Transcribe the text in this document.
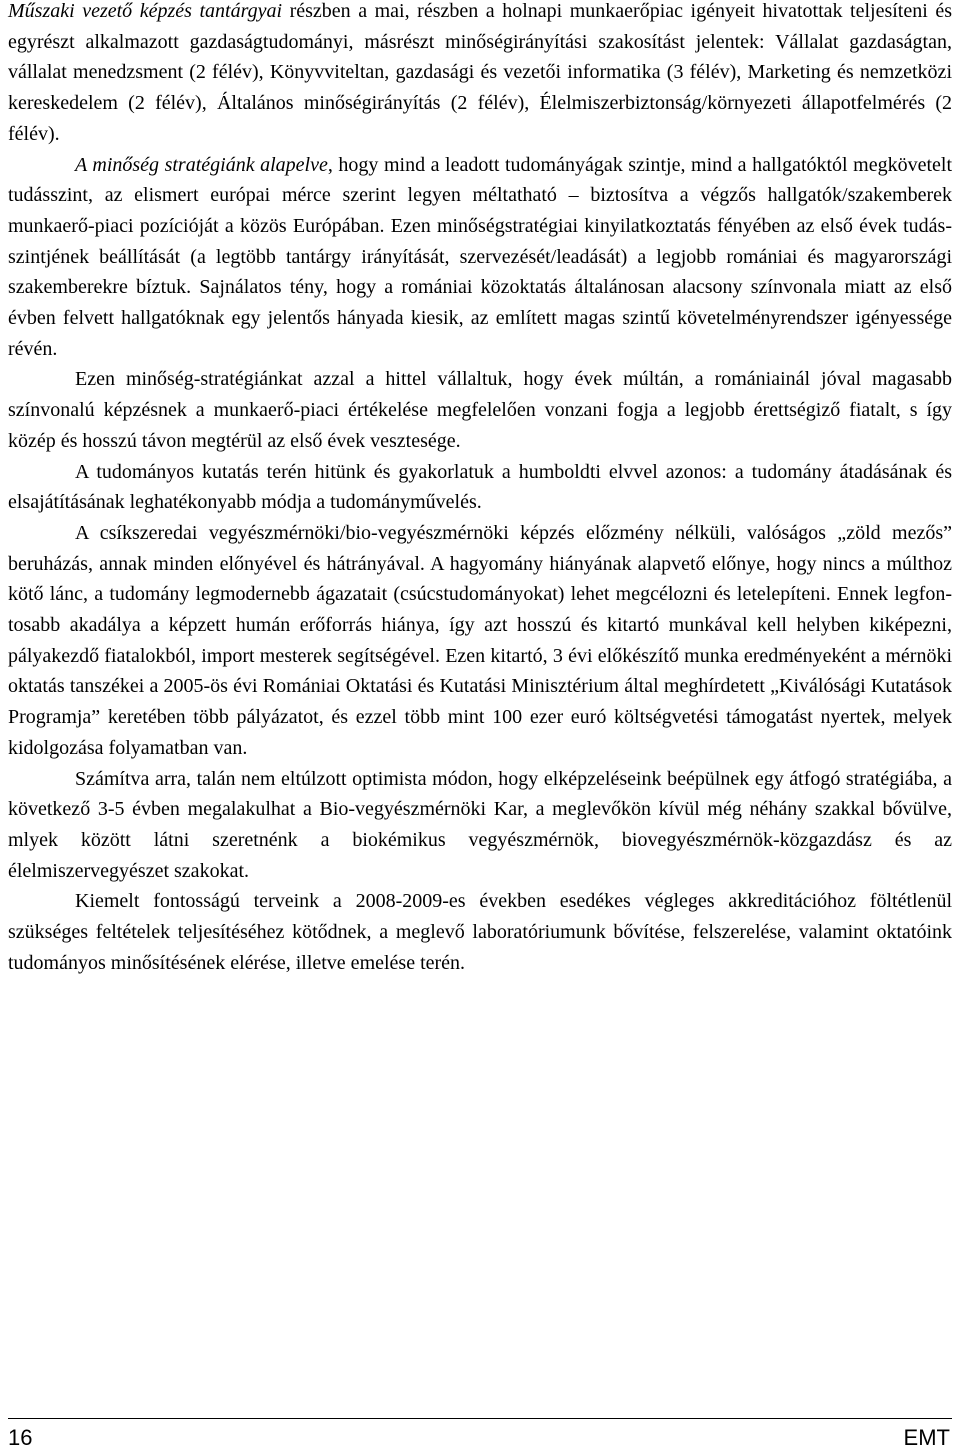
Műszaki vezető képzés tantárgyai részben a mai, részben a holnapi munkaerőpiac igényeit hivatottak teljesíteni és egyrészt alkalmazott gazdaságtudományi, másrészt minőségirányítási szakosítást jelentek: Vállalat gazdaságtan, vállalat menedzsment (2 félév), Könyvviteltan, gazdasági és vezetői informatika (3 félév), Marketing és nemzetközi kereskedelem (2 félév), Általános minőségirányítás (2 félév), Élelmiszerbiztonság/környezeti állapotfelmérés (2 félév).

A minőség stratégiánk alapelve, hogy mind a leadott tudományágak szintje, mind a hallgatóktól megkövetelt tudásszint, az elismert európai mérce szerint legyen méltatható – biztosítva a végzős hallgatók/szakemberek munkaerő-piaci pozícióját a közös Európában. Ezen minőségstratégiai kinyilatkoztatás fényében az első évek tudás-szintjének beállítását (a legtöbb tantárgy irányítását, szervezését/leadását) a legjobb romániai és magyarországi szakemberekre bíztuk. Sajnálatos tény, hogy a romániai közoktatás általánosan alacsony színvonala miatt az első évben felvett hallgatóknak egy jelentős hányada kiesik, az említett magas szintű követelményrendszer igényessége révén.

Ezen minőség-stratégiánkat azzal a hittel vállaltuk, hogy évek múltán, a romániainál jóval magasabb színvonalú képzésnek a munkaerő-piaci értékelése megfelelően vonzani fogja a legjobb érettségiző fiatalt, s így közép és hosszú távon megtérül az első évek vesztesége.

A tudományos kutatás terén hitünk és gyakorlatuk a humboldti elvvel azonos: a tudomány átadásának és elsajátításának leghatékonyabb módja a tudományművelés.

A csíkszeredai vegyészmérnöki/bio-vegyészmérnöki képzés előzmény nélküli, valóságos „zöld mezős” beruházás, annak minden előnyével és hátrányával. A hagyomány hiányának alapvető előnye, hogy nincs a múlthoz kötő lánc, a tudomány legmodernebb ágazatait (csúcstudományokat) lehet megcélozni és letelepíteni. Ennek legfontosabb akadálya a képzett humán erőforrás hiánya, így azt hosszú és kitartó munkával kell helyben kiképezni, pályakezdő fiatalokból, import mesterek segítségével. Ezen kitartó, 3 évi előkészítő munka eredményeként a mérnöki oktatás tanszékei a 2005-ös évi Romániai Oktatási és Kutatási Minisztérium által meghírdetett „Kiválósági Kutatások Programja” keretében több pályázatot, és ezzel több mint 100 ezer euró költségvetési támogatást nyertek, melyek kidolgozása folyamatban van.

Számítva arra, talán nem eltúlzott optimista módon, hogy elképzeléseink beépülnek egy átfogó stratégiába, a következő 3-5 évben megalakulhat a Bio-vegyészmérnöki Kar, a meglevőkön kívül még néhány szakkal bővülve, mlyek között látni szeretnénk a biokémikus vegyészmérnök, biovegyészmérnök-közgazdász és az élelmiszervegyészet szakokat.

Kiemelt fontosságú terveink a 2008-2009-es években esedékes végleges akkreditációhoz föltétlenül szükséges feltételek teljesítéséhez kötődnek, a meglevő laboratóriumunk bővítése, felszerelése, valamint oktatóink tudományos minősítésének elérése, illetve emelése terén.

16	EMT
